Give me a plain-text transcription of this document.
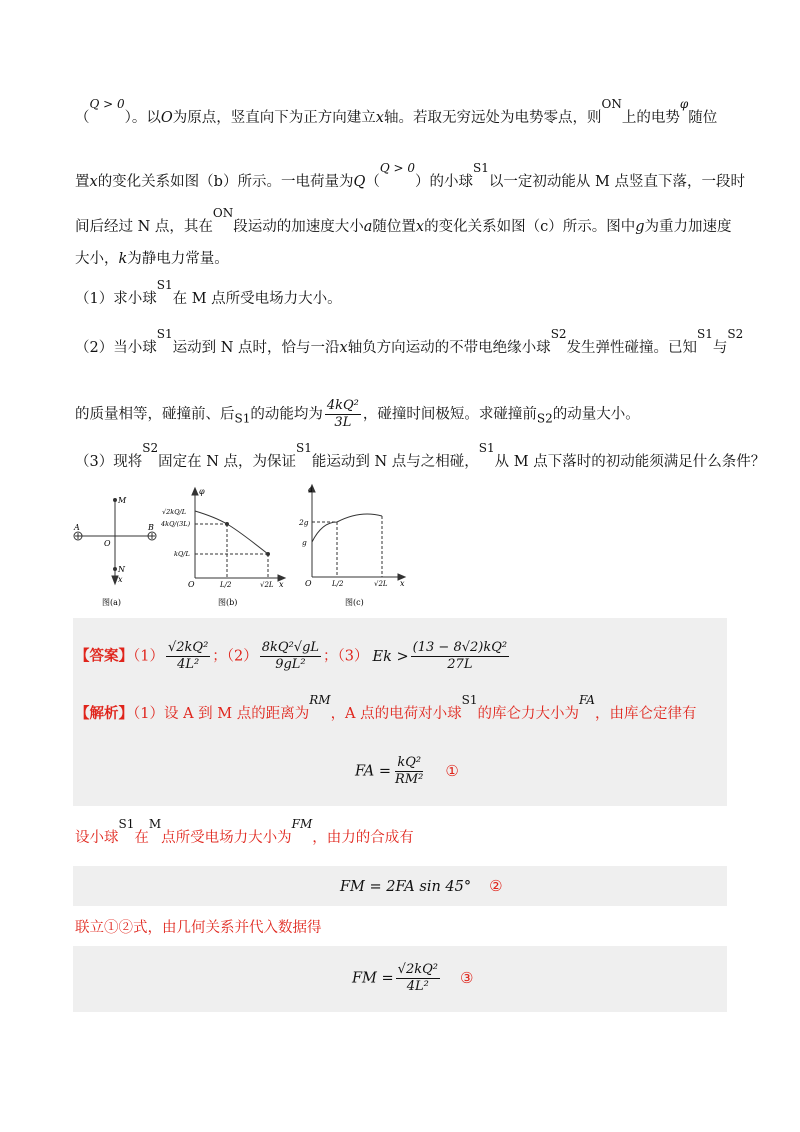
（$^{Q > 0}$）。以O为原点，竖直向下为正方向建立x轴。若取无穷远处为电势零点，则$^{ON}$上的电势$^\varphi$随位
置x的变化关系如图（b）所示。一电荷量为Q（$^{Q > 0}$）的小球$^{S1}$以一定初动能从 M 点竖直下落，一段时
间后经过 N 点，其在$^{ON}$段运动的加速度大小a随位置x的变化关系如图（c）所示。图中g为重力加速度
大小，k为静电力常量。
（1）求小球$^{S1}$在 M 点所受电场力大小。
（2）当小球$^{S1}$运动到 N 点时，恰与一沿x轴负方向运动的不带电绝缘小球$^{S2}$发生弹性碰撞。已知$^{S1}$与$^{S2}$
的质量相等，碰撞前、后$_{S1}$的动能均为 $\frac{\text{4kQ²}}{3L}$ ，碰撞时间极短。求碰撞前$_{S2}$的动量大小。
（3）现将$^{S2}$固定在 N 点，为保证$^{S1}$能运动到 N 点与之相碰，$^{S1}$从 M 点下落时的初动能须满足什么条件？
M
A	B
O
N
x
图(a)
φ
√2kQ/L
4kQ/(3L)
kQ/L
O	L/2	√2L x
图(b)
a
2g
g
O	L/2	√2L x
图(c)
【答案】$(1) \frac{\text{√2kQ²}}{\text{4L²}}$ ；$(2) \frac{\text{8kQ²√gL}}{\text{9gL²}}$ ；（3） $Ek > \frac{\text{(13 − 8√2)kQ²}}{27L}$
【解析】（1）设 A 到 M 点的距离为$^{RM}$，A 点的电荷对小球$^{S1}$的库仑力大小为$^{FA}$，由库仑定律有
FA = $\frac{\text{kQ²}}{\text{RM²}}$ ①
设小球$^{S1}$在$^M$点所受电场力大小为$^{FM}$，由力的合成有
FM = 2FA sin 45° ②
联立①②式，由几何关系并代入数据得
FM = $\frac{\text{√2kQ²}}{\text{4L²}}$ ③
